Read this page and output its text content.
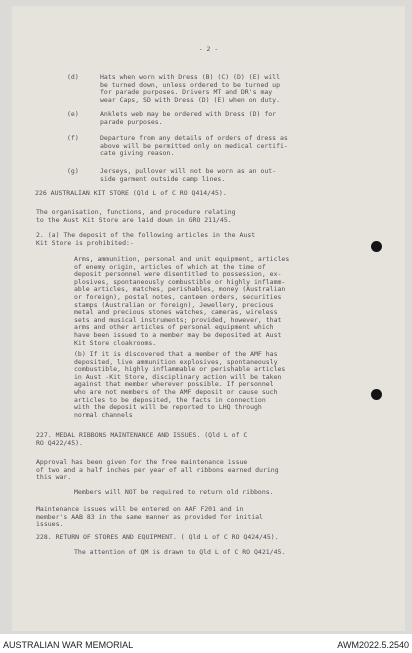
- 2 -
(d)	Hats when worn with Dress (B) (C) (D) (E) will
be turned down, unless ordered to be turned up
for parade purposes. Drivers MT and DR's may
wear Caps, SD with Dress (D) (E) when on duty.
(e)	Anklets web may be ordered with Dress (D) for
parade purposes.
(f)	Departure from any details of orders of dress as
above will be permitted only on medical certifi-
cate giving reason.
(g)	Jerseys, pullover will not be worn as an out-
side garment outside camp lines.
226 AUSTRALIAN KIT STORE (Qld L of C RO Q414/45).
The organisation, functions, and procedure relating
to the Aust Kit Store are laid down in GRO 211/45.
2. (a) The deposit of the following articles in the Aust
Kit Store is prohibited:-
Arms, ammunition, personal and unit equipment, articles
of enemy origin, articles of which at the time of
deposit personnel were disentitled to possession, ex-
plosives, spontaneously combustible or highly inflamm-
able articles, matches, perishables, money (Australian
or foreign), postal notes, canteen orders, securities
stamps (Australian or foreign), Jewellery, precious
metal and precious stones watches, cameras, wireless
sets and musical instruments; provided, however, that
arms and other articles of personal equipment which
have been issued to a member may be deposited at Aust
Kit Store cloakrooms.
(b) If it is discovered that a member of the AMF has
deposited, live ammunition explosives, spontaneously
combustible, highly inflammable or perishable articles
in Aust -Kit Store, disciplinary action will be taken
against that member wherever possible. If personnel
who are not members of the AMF deposit or cause such
articles to be deposited, the facts in connection
with the deposit will be reported to LHQ through
normal channels
227. MEDAL RIBBONS MAINTENANCE AND ISSUES. (Qld L of C
RO Q422/45).
Approval has been given for the free maintenance issue
of two and a half inches per year of all ribbons earned during
this war.
Members will NOT be required to return old ribbons.
Maintenance issues will be entered on AAF F201 and in
member's AAB 83 in the same manner as provided for initial
issues.
228. RETURN OF STORES AND EQUIPMENT. ( Qld L of C RO Q424/45).
The attention of QM is drawn to Qld L of C RO Q421/45.
AUSTRALIAN WAR MEMORIAL	AWM2022.5.2540
